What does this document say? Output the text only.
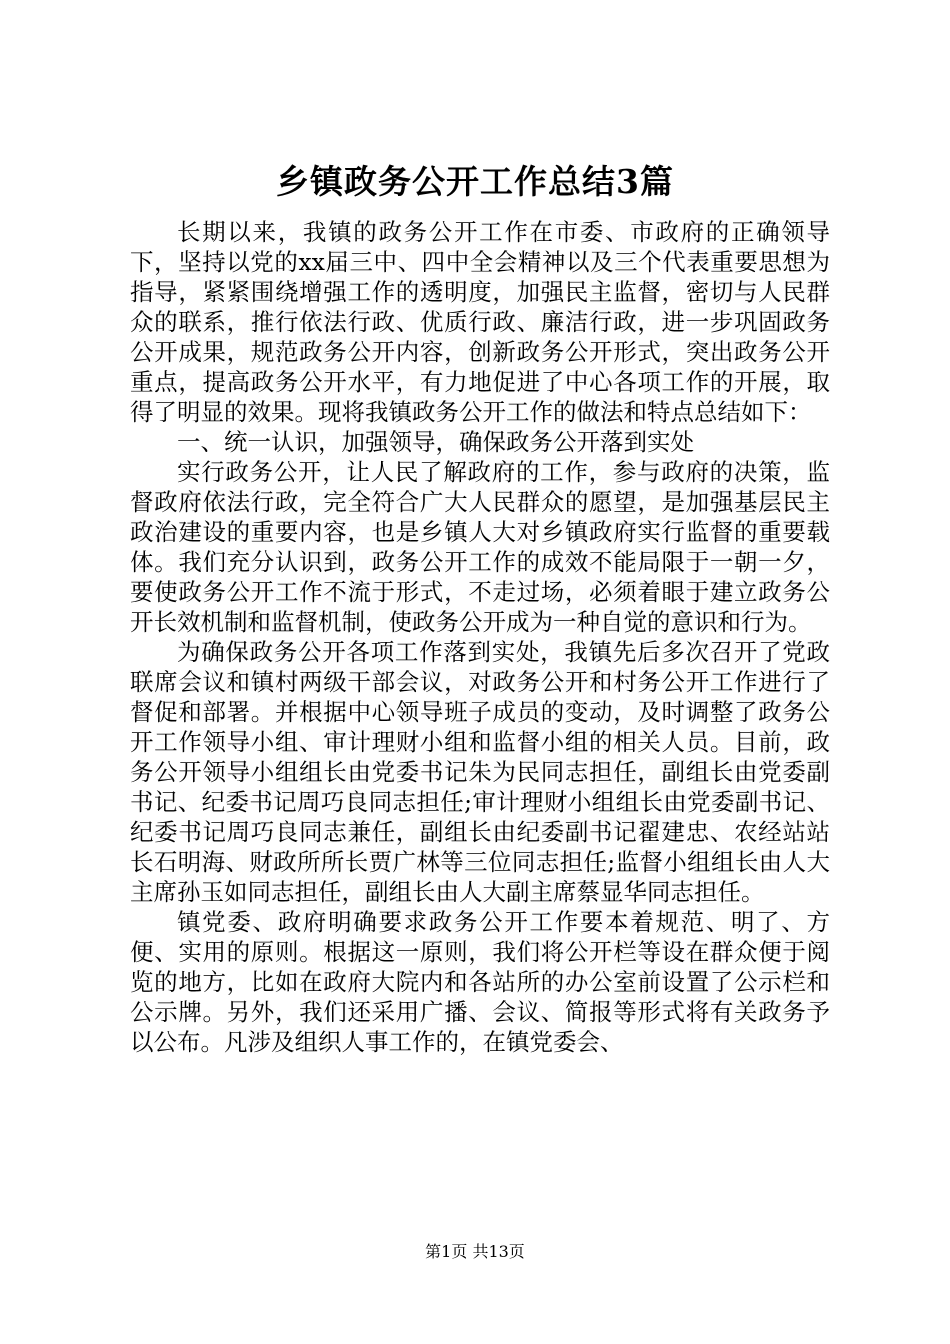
乡镇政务公开工作总结3篇

长期以来，我镇的政务公开工作在市委、市政府的正确领导下，坚持以党的xx届三中、四中全会精神以及三个代表重要思想为指导，紧紧围绕增强工作的透明度，加强民主监督，密切与人民群众的联系，推行依法行政、优质行政、廉洁行政，进一步巩固政务公开成果，规范政务公开内容，创新政务公开形式，突出政务公开重点，提高政务公开水平，有力地促进了中心各项工作的开展，取得了明显的效果。现将我镇政务公开工作的做法和特点总结如下：

一、统一认识，加强领导，确保政务公开落到实处

实行政务公开，让人民了解政府的工作，参与政府的决策，监督政府依法行政，完全符合广大人民群众的愿望，是加强基层民主政治建设的重要内容，也是乡镇人大对乡镇政府实行监督的重要载体。我们充分认识到，政务公开工作的成效不能局限于一朝一夕，要使政务公开工作不流于形式，不走过场，必须着眼于建立政务公开长效机制和监督机制，使政务公开成为一种自觉的意识和行为。

为确保政务公开各项工作落到实处，我镇先后多次召开了党政联席会议和镇村两级干部会议，对政务公开和村务公开工作进行了督促和部署。并根据中心领导班子成员的变动，及时调整了政务公开工作领导小组、审计理财小组和监督小组的相关人员。目前，政务公开领导小组组长由党委书记朱为民同志担任，副组长由党委副书记、纪委书记周巧良同志担任;审计理财小组组长由党委副书记、纪委书记周巧良同志兼任，副组长由纪委副书记翟建忠、农经站站长石明海、财政所所长贾广林等三位同志担任;监督小组组长由人大主席孙玉如同志担任，副组长由人大副主席蔡显华同志担任。

镇党委、政府明确要求政务公开工作要本着规范、明了、方便、实用的原则。根据这一原则，我们将公开栏等设在群众便于阅览的地方，比如在政府大院内和各站所的办公室前设置了公示栏和公示牌。另外，我们还采用广播、会议、简报等形式将有关政务予以公布。凡涉及组织人事工作的，在镇党委会、

第1页 共13页
